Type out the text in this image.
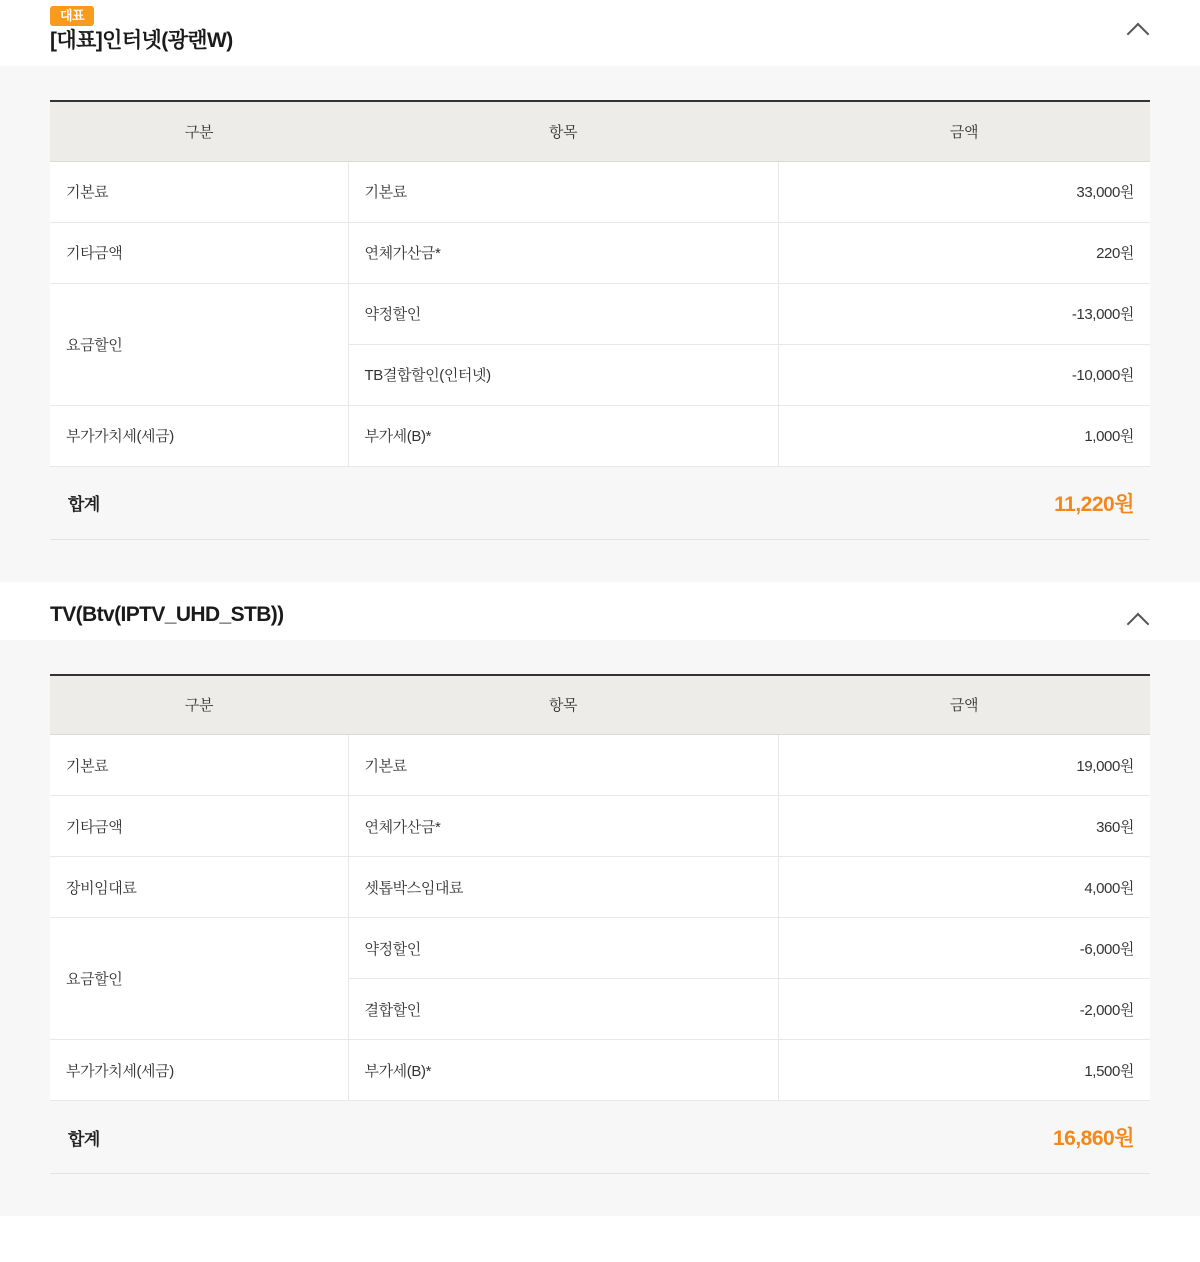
대표
[대표]인터넷(광랜W)
구분	항목	금액
기본료	기본료	33,000원
기타금액	연체가산금*	220원
요금할인	약정할인	-13,000원
	TB결합할인(인터넷)	-10,000원
부가가치세(세금)	부가세(B)*	1,000원
합계	11,220원
TV(Btv(IPTV_UHD_STB))
구분	항목	금액
기본료	기본료	19,000원
기타금액	연체가산금*	360원
장비임대료	셋톱박스임대료	4,000원
요금할인	약정할인	-6,000원
	결합할인	-2,000원
부가가치세(세금)	부가세(B)*	1,500원
합계	16,860원
